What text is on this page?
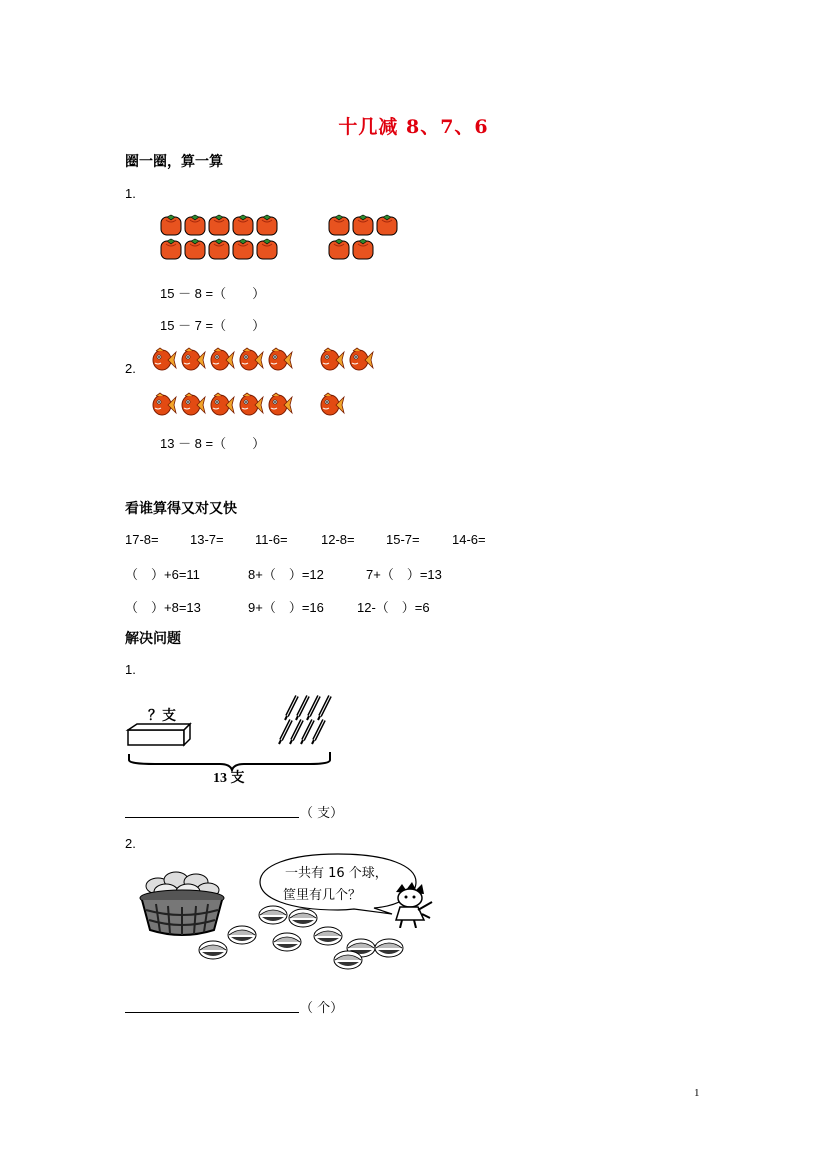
十几减 8、7、6
圈一圈，算一算
1.
15 － 8 =（　　）
15 － 7 =（　　）
2.
13 － 8 =（　　）
看谁算得又对又快
17-8= 13-7= 11-6=	12-8= 15-7= 14-6=
（　）+6=11	8+（　）=12	7+（　）=13
（　）+8=13	9+（　）=16	12-（　）=6
解决问题
1.
？支
13 支
（ 支）
2.
一共有 16 个球，
筐里有几个？
（ 个）
1
